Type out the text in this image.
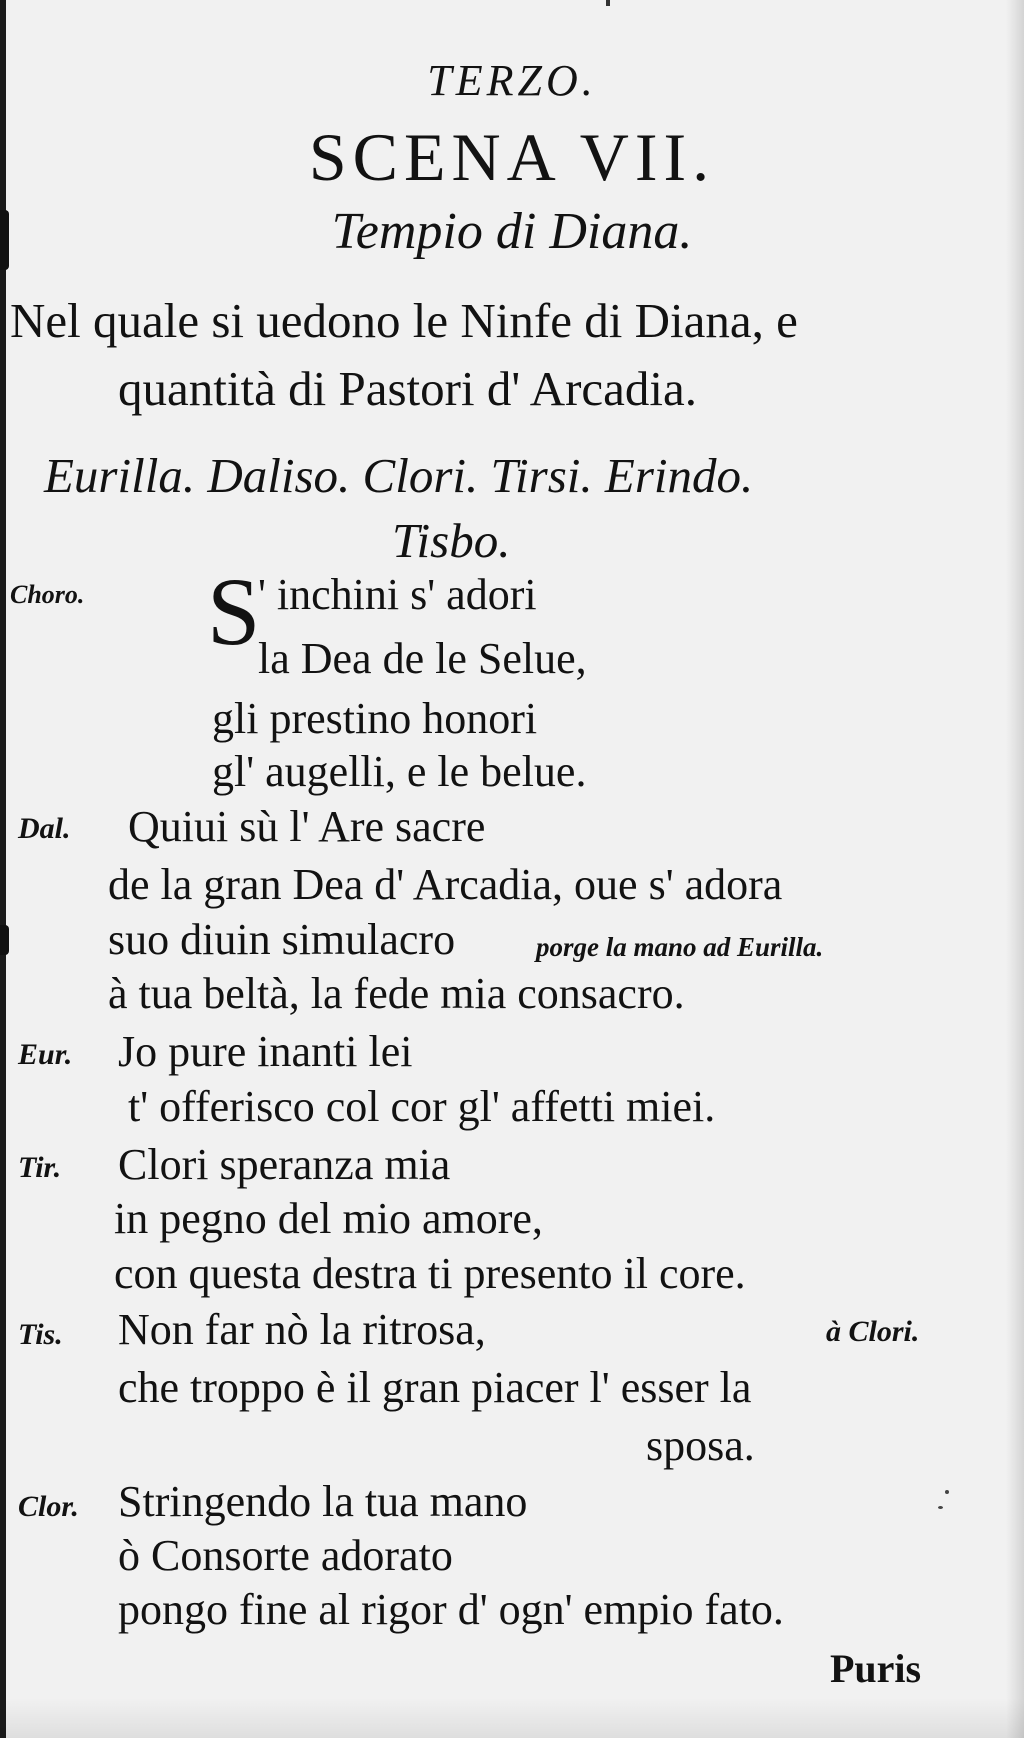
TERZO.
SCENA VII.
Tempio di Diana.
Nel quale si uedono le Ninfe di Diana, e
quantità di Pastori d' Arcadia.
Eurilla. Daliso. Clori. Tirsi. Erindo.
Tisbo.
Choro. S
' inchini s' adori
la Dea de le Selue,
gli prestino honori
gl' augelli, e le belue.
Dal. Quiui sù l' Are sacre
de la gran Dea d' Arcadia, oue s' adora
suo diuin simulacro	porge la mano ad Eurilla.
à tua beltà, la fede mia consacro.
Eur. Jo pure inanti lei
t' offerisco col cor gl' affetti miei.
Tir. Clori speranza mia
in pegno del mio amore,
con questa destra ti presento il core.
Tis. Non far nò la ritrosa,	à Clori.
che troppo è il gran piacer l' esser la
sposa.
Clor. Stringendo la tua mano
ò Consorte adorato
pongo fine al rigor d' ogn' empio fato.
Puris
